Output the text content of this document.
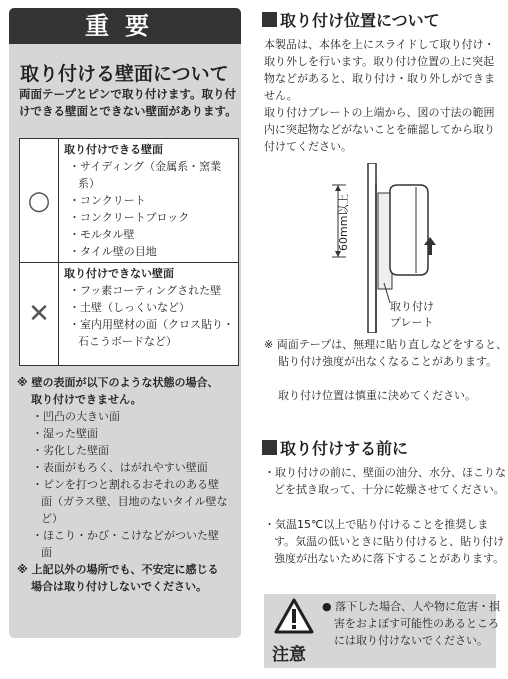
重要
取り付ける壁面について
両面テープとピンで取り付けます。取り付けできる壁面とできない壁面があります。
○
取り付けできる壁面
・サイディング（金属系・窯業系）
・コンクリート
・コンクリートブロック
・モルタル壁
・タイル壁の目地
✕
取り付けできない壁面
・フッ素コーティングされた壁
・土壁（しっくいなど）
・室内用壁材の面（クロス貼り・石こうボードなど）
※ 壁の表面が以下のような状態の場合、取り付けできません。
・凹凸の大きい面
・湿った壁面
・劣化した壁面
・表面がもろく、はがれやすい壁面
・ピンを打つと割れるおそれのある壁面（ガラス壁、目地のないタイル壁など）
・ほこり・かび・こけなどがついた壁面
※ 上記以外の場所でも、不安定に感じる場合は取り付けしないでください。
取り付け位置について
本製品は、本体を上にスライドして取り付け・取り外しを行います。取り付け位置の上に突起物などがあると、取り付け・取り外しができません。
取り付けプレートの上端から、図の寸法の範囲内に突起物などがないことを確認してから取り付けてください。
60mm以上
取り付け
プレート
※ 両面テープは、無理に貼り直しなどをすると、貼り付け強度が出なくなることがあります。
取り付け位置は慎重に決めてください。
取り付けする前に
・取り付けの前に、壁面の油分、水分、ほこりなどを拭き取って、十分に乾燥させてください。
・気温15℃以上で貼り付けることを推奨します。気温の低いときに貼り付けると、貼り付け強度が出ないために落下することがあります。
注意
● 落下した場合、人や物に危害・損害をおよぼす可能性のあるところには取り付けないでください。
